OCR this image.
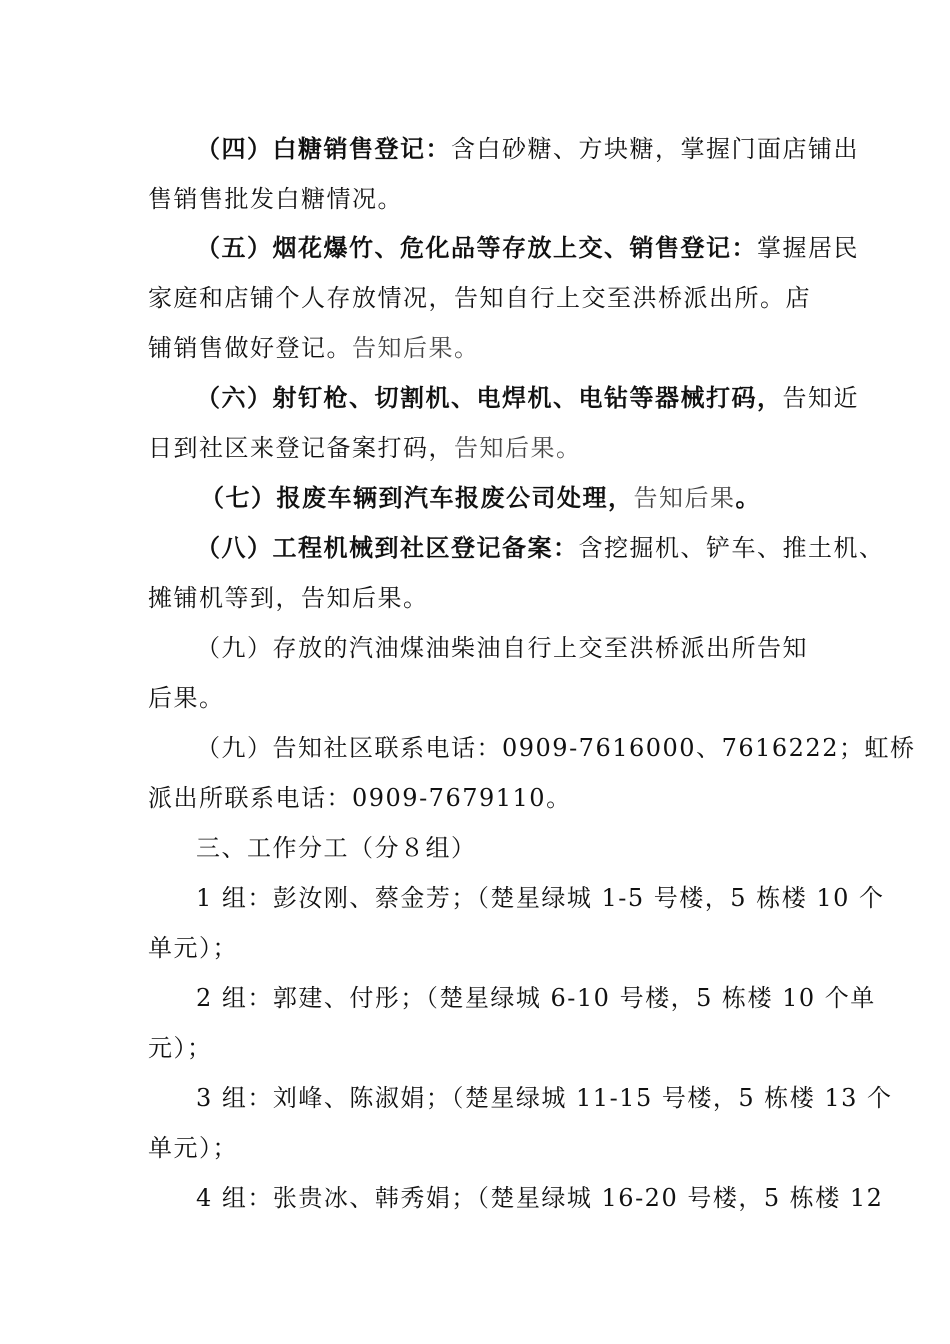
（四）白糖销售登记：含白砂糖、方块糖，掌握门面店铺出
售销售批发白糖情况。
（五）烟花爆竹、危化品等存放上交、销售登记：掌握居民
家庭和店铺个人存放情况，告知自行上交至洪桥派出所。店
铺销售做好登记。告知后果。
（六）射钉枪、切割机、电焊机、电钻等器械打码，告知近
日到社区来登记备案打码，告知后果。
（七）报废车辆到汽车报废公司处理，告知后果。
（八）工程机械到社区登记备案：含挖掘机、铲车、推土机、
摊铺机等到，告知后果。
（九）存放的汽油煤油柴油自行上交至洪桥派出所告知
后果。
（九）告知社区联系电话：0909-7616000、7616222；虹桥
派出所联系电话：0909-7679110。
三、工作分工（分８组）
1 组：彭汝刚、蔡金芳；（楚星绿城 1-5 号楼，5 栋楼 10 个
单元）；
2 组：郭建、付彤；（楚星绿城 6-10 号楼，5 栋楼 10 个单
元）；
3 组：刘峰、陈淑娟；（楚星绿城 11-15 号楼，5 栋楼 13 个
单元）；
4 组：张贵冰、韩秀娟；（楚星绿城 16-20 号楼，5 栋楼 12
